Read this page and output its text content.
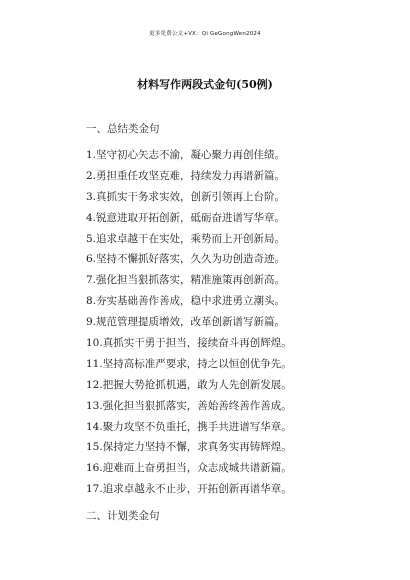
更多免费公文+VX：Qi GeGongWen2024
材料写作两段式金句(50例)
一、总结类金句
1.坚守初心矢志不渝，凝心聚力再创佳绩。
2.勇担重任攻坚克难，持续发力再谱新篇。
3.真抓实干务求实效，创新引领再上台阶。
4.锐意进取开拓创新，砥砺奋进谱写华章。
5.追求卓越干在实处，乘势而上开创新局。
6.坚持不懈抓好落实，久久为功创造奇迹。
7.强化担当狠抓落实，精准施策再创新高。
8.夯实基础善作善成，稳中求进勇立潮头。
9.规范管理提质增效，改革创新谱写新篇。
10.真抓实干勇于担当，接续奋斗再创辉煌。
11.坚持高标准严要求，持之以恒创优争先。
12.把握大势抢抓机遇，敢为人先创新发展。
13.强化担当狠抓落实，善始善终善作善成。
14.聚力攻坚不负重托，携手共进谱写华章。
15.保持定力坚持不懈，求真务实再铸辉煌。
16.迎难而上奋勇担当，众志成城共谱新篇。
17.追求卓越永不止步，开拓创新再谱华章。
二、计划类金句
